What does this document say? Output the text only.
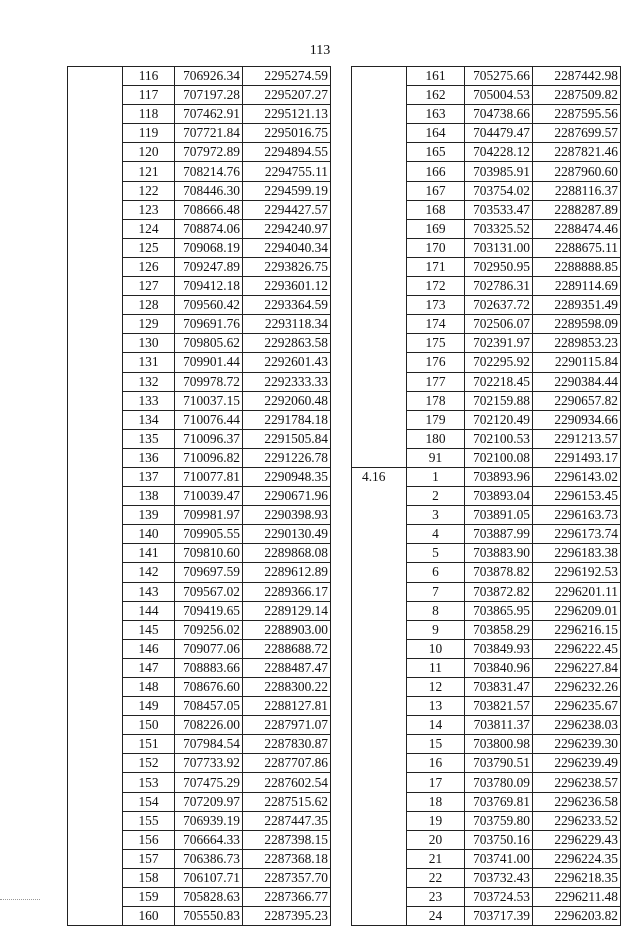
113
	116	706926.34	2295274.59
	117	707197.28	2295207.27
	118	707462.91	2295121.13
	119	707721.84	2295016.75
	120	707972.89	2294894.55
	121	708214.76	2294755.11
	122	708446.30	2294599.19
	123	708666.48	2294427.57
	124	708874.06	2294240.97
	125	709068.19	2294040.34
	126	709247.89	2293826.75
	127	709412.18	2293601.12
	128	709560.42	2293364.59
	129	709691.76	2293118.34
	130	709805.62	2292863.58
	131	709901.44	2292601.43
	132	709978.72	2292333.33
	133	710037.15	2292060.48
	134	710076.44	2291784.18
	135	710096.37	2291505.84
	136	710096.82	2291226.78
	137	710077.81	2290948.35
	138	710039.47	2290671.96
	139	709981.97	2290398.93
	140	709905.55	2290130.49
	141	709810.60	2289868.08
	142	709697.59	2289612.89
	143	709567.02	2289366.17
	144	709419.65	2289129.14
	145	709256.02	2288903.00
	146	709077.06	2288688.72
	147	708883.66	2288487.47
	148	708676.60	2288300.22
	149	708457.05	2288127.81
	150	708226.00	2287971.07
	151	707984.54	2287830.87
	152	707733.92	2287707.86
	153	707475.29	2287602.54
	154	707209.97	2287515.62
	155	706939.19	2287447.35
	156	706664.33	2287398.15
	157	706386.73	2287368.18
	158	706107.71	2287357.70
	159	705828.63	2287366.77
	160	705550.83	2287395.23
	161	705275.66	2287442.98
	162	705004.53	2287509.82
	163	704738.66	2287595.56
	164	704479.47	2287699.57
	165	704228.12	2287821.46
	166	703985.91	2287960.60
	167	703754.02	2288116.37
	168	703533.47	2288287.89
	169	703325.52	2288474.46
	170	703131.00	2288675.11
	171	702950.95	2288888.85
	172	702786.31	2289114.69
	173	702637.72	2289351.49
	174	702506.07	2289598.09
	175	702391.97	2289853.23
	176	702295.92	2290115.84
	177	702218.45	2290384.44
	178	702159.88	2290657.82
	179	702120.49	2290934.66
	180	702100.53	2291213.57
	91	702100.08	2291493.17
4.16	1	703893.96	2296143.02
	2	703893.04	2296153.45
	3	703891.05	2296163.73
	4	703887.99	2296173.74
	5	703883.90	2296183.38
	6	703878.82	2296192.53
	7	703872.82	2296201.11
	8	703865.95	2296209.01
	9	703858.29	2296216.15
	10	703849.93	2296222.45
	11	703840.96	2296227.84
	12	703831.47	2296232.26
	13	703821.57	2296235.67
	14	703811.37	2296238.03
	15	703800.98	2296239.30
	16	703790.51	2296239.49
	17	703780.09	2296238.57
	18	703769.81	2296236.58
	19	703759.80	2296233.52
	20	703750.16	2296229.43
	21	703741.00	2296224.35
	22	703732.43	2296218.35
	23	703724.53	2296211.48
	24	703717.39	2296203.82
